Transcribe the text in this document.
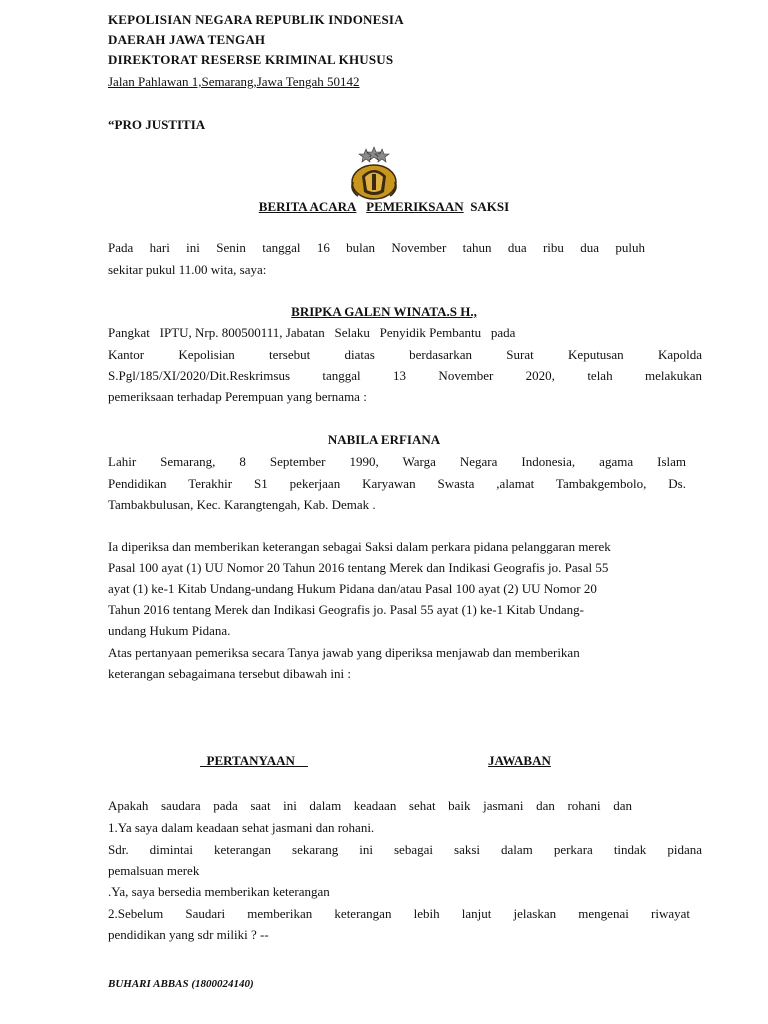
KEPOLISIAN NEGARA REPUBLIK INDONESIA
DAERAH JAWA TENGAH
DIREKTORAT RESERSE KRIMINAL KHUSUS
Jalan Pahlawan 1,Semarang,Jawa Tengah 50142
“PRO JUSTITIA
BERITA ACARA PEMERIKSAAN SAKSI
Pada hari ini Senin tanggal 16 bulan November tahun dua ribu dua puluh
sekitar pukul 11.00 wita, saya:
BRIPKA GALEN WINATA.S H.,
Pangkat   IPTU, Nrp. 800500111, Jabatan   Selaku   Penyidik Pembantu   pada
Kantor Kepolisian tersebut diatas berdasarkan Surat Keputusan Kapolda
S.Pgl/185/XI/2020/Dit.Reskrimsus tanggal 13 November 2020, telah melakukan
pemeriksaan terhadap Perempuan yang bernama :
NABILA ERFIANA
Lahir Semarang, 8 September 1990, Warga Negara Indonesia, agama Islam
Pendidikan Terakhir S1 pekerjaan Karyawan Swasta ,alamat Tambakgembolo, Ds.
Tambakbulusan, Kec. Karangtengah, Kab. Demak .
Ia diperiksa dan memberikan keterangan sebagai Saksi dalam perkara pidana pelanggaran merek
Pasal 100 ayat (1) UU Nomor 20 Tahun 2016 tentang Merek dan Indikasi Geografis jo. Pasal 55
ayat (1) ke-1 Kitab Undang-undang Hukum Pidana dan/atau Pasal 100 ayat (2) UU Nomor 20
Tahun 2016 tentang Merek dan Indikasi Geografis jo. Pasal 55 ayat (1) ke-1 Kitab Undang-
undang Hukum Pidana.
Atas pertanyaan pemeriksa secara Tanya jawab yang diperiksa menjawab dan memberikan
keterangan sebagaimana tersebut dibawah ini :
PERTANYAAN	JAWABAN
Apakah saudara pada saat ini dalam keadaan sehat baik jasmani dan rohani dan
1.Ya saya dalam keadaan sehat jasmani dan rohani.
Sdr. dimintai keterangan sekarang ini sebagai saksi dalam perkara tindak pidana
pemalsuan merek
.Ya, saya bersedia memberikan keterangan
2.Sebelum Saudari memberikan keterangan lebih lanjut jelaskan mengenai riwayat
pendidikan yang sdr miliki ? --
BUHARI ABBAS (1800024140)
